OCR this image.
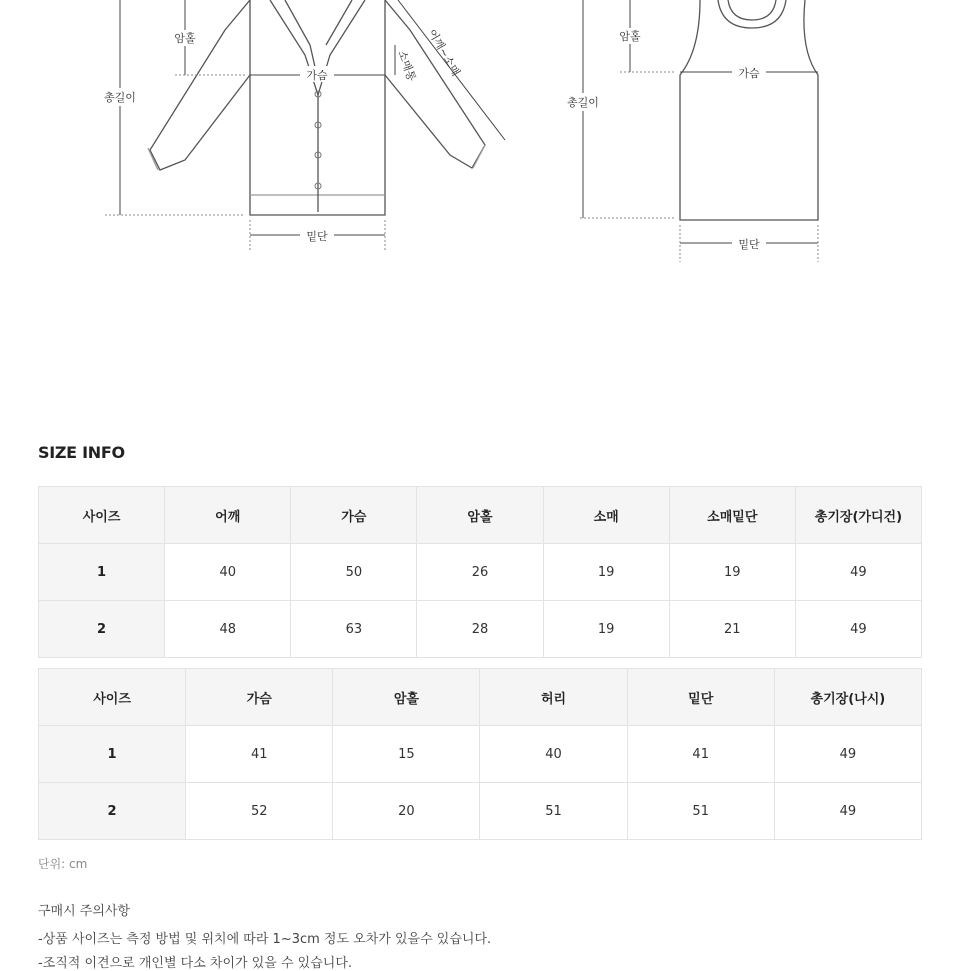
총길이
암홀
가슴	소매통 어깨~소매
밑단
총길이
암홀
가슴
밑단
SIZE INFO
사이즈	어깨	가슴	암홀	소매	소매밑단	총기장(가디건)
1	40	50	26	19	19	49
2	48	63	28	19	21	49
사이즈	가슴	암홀	허리	밑단	총기장(나시)
1	41	15	40	41	49
2	52	20	51	51	49
단위: cm
구매시 주의사항
-상품 사이즈는 측정 방법 및 위치에 따라 1~3cm 정도 오차가 있을수 있습니다.
-조직적 이견으로 개인별 다소 차이가 있을 수 있습니다.
